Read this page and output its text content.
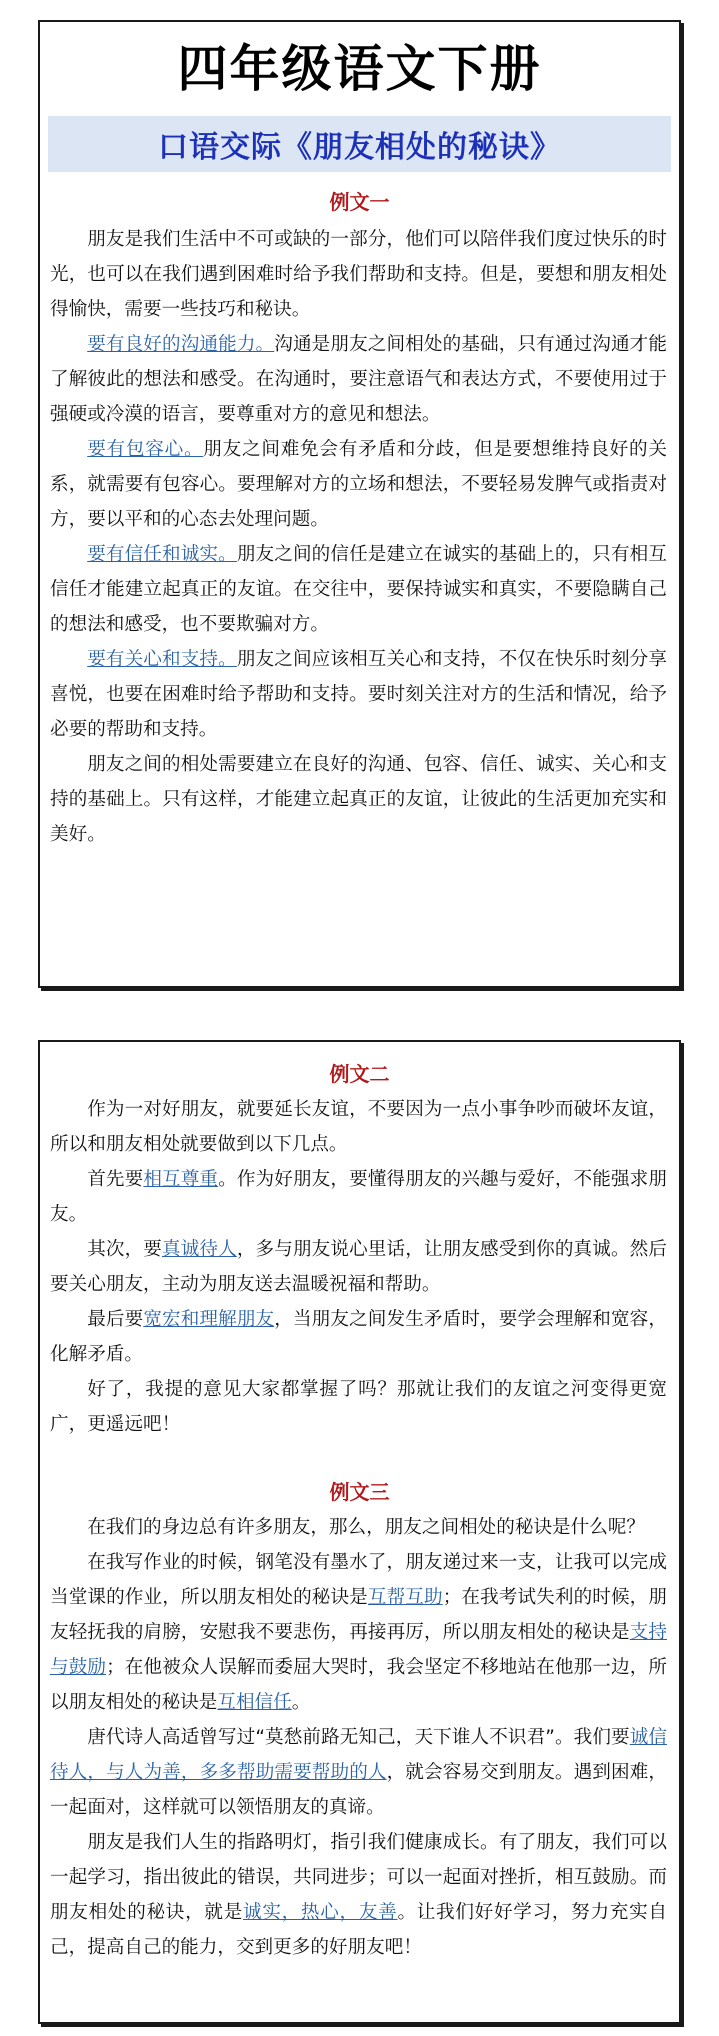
四年级语文下册
口语交际《朋友相处的秘诀》
例文一

朋友是我们生活中不可或缺的一部分，他们可以陪伴我们度过快乐的时光，也可以在我们遇到困难时给予我们帮助和支持。但是，要想和朋友相处得愉快，需要一些技巧和秘诀。

要有良好的沟通能力。沟通是朋友之间相处的基础，只有通过沟通才能了解彼此的想法和感受。在沟通时，要注意语气和表达方式，不要使用过于强硬或冷漠的语言，要尊重对方的意见和想法。

要有包容心。朋友之间难免会有矛盾和分歧，但是要想维持良好的关系，就需要有包容心。要理解对方的立场和想法，不要轻易发脾气或指责对方，要以平和的心态去处理问题。

要有信任和诚实。朋友之间的信任是建立在诚实的基础上的，只有相互信任才能建立起真正的友谊。在交往中，要保持诚实和真实，不要隐瞒自己的想法和感受，也不要欺骗对方。

要有关心和支持。朋友之间应该相互关心和支持，不仅在快乐时刻分享喜悦，也要在困难时给予帮助和支持。要时刻关注对方的生活和情况，给予必要的帮助和支持。

朋友之间的相处需要建立在良好的沟通、包容、信任、诚实、关心和支持的基础上。只有这样，才能建立起真正的友谊，让彼此的生活更加充实和美好。

例文二

作为一对好朋友，就要延长友谊，不要因为一点小事争吵而破坏友谊，所以和朋友相处就要做到以下几点。

首先要相互尊重。作为好朋友，要懂得朋友的兴趣与爱好，不能强求朋友。

其次，要真诚待人，多与朋友说心里话，让朋友感受到你的真诚。然后要关心朋友，主动为朋友送去温暖祝福和帮助。

最后要宽宏和理解朋友，当朋友之间发生矛盾时，要学会理解和宽容，化解矛盾。

好了，我提的意见大家都掌握了吗？那就让我们的友谊之河变得更宽广，更遥远吧！

例文三

在我们的身边总有许多朋友，那么，朋友之间相处的秘诀是什么呢？

在我写作业的时候，钢笔没有墨水了，朋友递过来一支，让我可以完成当堂课的作业，所以朋友相处的秘诀是互帮互助；在我考试失利的时候，朋友轻抚我的肩膀，安慰我不要悲伤，再接再厉，所以朋友相处的秘诀是支持与鼓励；在他被众人误解而委屈大哭时，我会坚定不移地站在他那一边，所以朋友相处的秘诀是互相信任。

唐代诗人高适曾写过“莫愁前路无知己，天下谁人不识君”。我们要诚信待人，与人为善，多多帮助需要帮助的人，就会容易交到朋友。遇到困难，一起面对，这样就可以领悟朋友的真谛。

朋友是我们人生的指路明灯，指引我们健康成长。有了朋友，我们可以一起学习，指出彼此的错误，共同进步；可以一起面对挫折，相互鼓励。而朋友相处的秘诀，就是诚实，热心，友善。让我们好好学习，努力充实自己，提高自己的能力，交到更多的好朋友吧！
